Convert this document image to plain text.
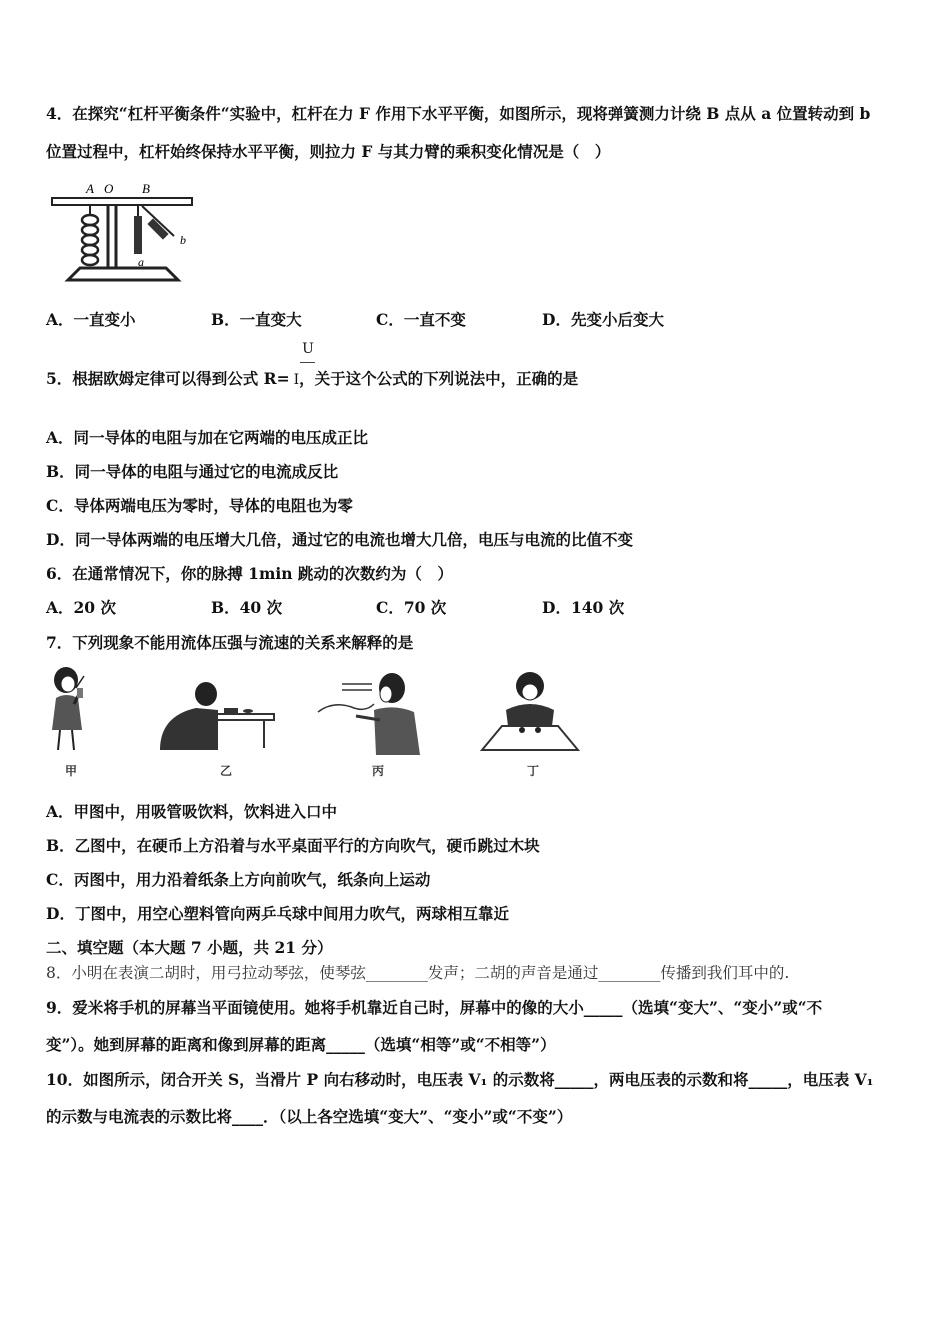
4．在探究“杠杆平衡条件“实验中，杠杆在力 F 作用下水平平衡，如图所示，现将弹簧测力计绕 B 点从 a 位置转动到 b
位置过程中，杠杆始终保持水平平衡，则拉力 F 与其力臂的乘积变化情况是（　）
A O B
a
b
A．一直变小	B．一直变大	C．一直不变	D．先变小后变大
U
5．根据欧姆定律可以得到公式 R= I，关于这个公式的下列说法中，正确的是
A．同一导体的电阻与加在它两端的电压成正比
B．同一导体的电阻与通过它的电流成反比
C．导体两端电压为零时，导体的电阻也为零
D．同一导体两端的电压增大几倍，通过它的电流也增大几倍，电压与电流的比值不变
6．在通常情况下，你的脉搏 1min 跳动的次数约为（　）
A．20 次	B．40 次	C．70 次	D．140 次
7．下列现象不能用流体压强与流速的关系来解释的是
甲	乙	丙	丁
A．甲图中，用吸管吸饮料，饮料进入口中
B．乙图中，在硬币上方沿着与水平桌面平行的方向吹气，硬币跳过木块
C．丙图中，用力沿着纸条上方向前吹气，纸条向上运动
D．丁图中，用空心塑料管向两乒乓球中间用力吹气，两球相互靠近
二、填空题（本大题 7 小题，共 21 分）
8．小明在表演二胡时，用弓拉动琴弦，使琴弦________发声；二胡的声音是通过________传播到我们耳中的.
9．爱米将手机的屏幕当平面镜使用。她将手机靠近自己时，屏幕中的像的大小_____（选填“变大”、“变小”或“不
变”）。她到屏幕的距离和像到屏幕的距离_____（选填“相等”或“不相等”）
10．如图所示，闭合开关 S，当滑片 P 向右移动时，电压表 V₁ 的示数将_____，两电压表的示数和将_____，电压表 V₁
的示数与电流表的示数比将____．（以上各空选填“变大”、“变小”或“不变”）
